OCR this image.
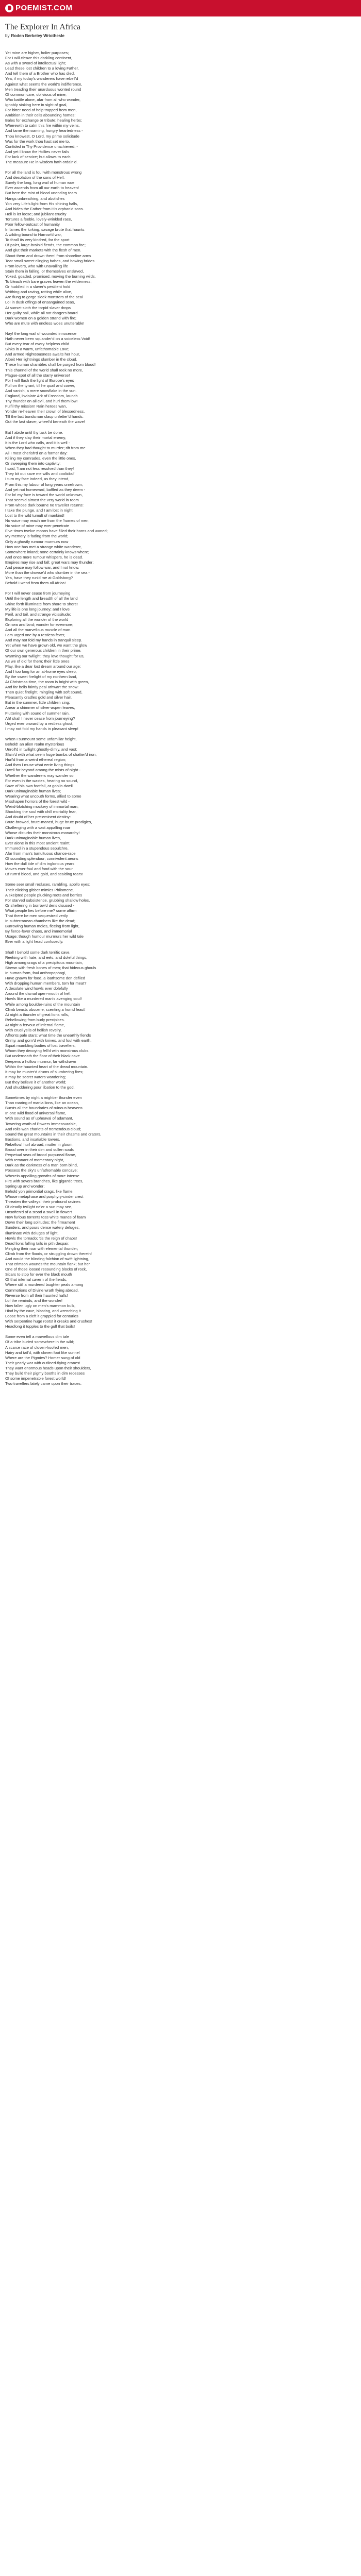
POEMIST.COM
The Explorer In Africa
by Roden Berkeley Wriothesle
Yet mine are higher, holier purposes;
For I will cleave this darkling continent,
As with a sword of intellectual light;
Lead these lost children to a loving Father,
And tell them of a Brother who has died.
Yea, if my today's wanderers have rebell'd
Against what seems the world's indifference,
Men treading their unarduous wonted round
Of common care, oblivious of mine,
Who battle alone, afar from all who wonder,
Ignobly sinking here in sight of goal,
For bitter need of help trapped from men,
Ambition in their cells abounding homes:
Bales for exchange or tribute; healing herbs;
Wherewith to calm this fire within my veins,
And tame the roaming, hungry heartedness -
Thou knowest, O Lord, my prime solicitude
Was for the work thou hast set me to,
Confided in Thy Providence unachieved; -
And yet I know the Hollies never fails
For lack of service; but allows to each
The measure He in wisdom hath ordain'd.
For all the land is foul with monstrous wrong
And desolation of the sons of Hell.
Surely the long, long wail of human woe
Ever ascends from all our earth to heaven!
But here the mist of blood unending tears
Hangs unbreathing, and abolishes
Yon very Life's light from His shining halls,
And hides the Father from His orphan'd sons.
Hell is let loose; and jubilant cruelty
Tortures a feeble, lovely-wrinkled race,
Poor fellow-outcast of humanity
Inflames the lurking, savage brute that haunts
A wilding bound to Harrow'd war,
To thrall its very kindred, for the sport
Of paler, large-brain'd fiends, the common foe;
And glut their markets with the flesh of men.
Shoot them and drown them! from shoreline arms
Tear small sweet clinging babes, and bowing brides
From lovers, who with unavailing life
Stain them in falling, or themselves enslaved,
Yoked, goaded, promised, moving the burning wilds,
To bleach with bare graves leaven the wilderness;
Or huddled in a slaver's pestilent hold
Writhing and raving, rotting while alive,
Are flung to gorge sleek monsters of the seal
Lo! in dusk offings of ensanguined seas,
At sunset sloth the torpid slaver drops
Her guilty sail, while all not dangers board
Dark women on a golden strand with fire;
Who are mute with endless woes unutterable!
Nay! the long wail of wounded innocence
Hath never been squander'd on a voiceless Void!
But every tear of every helpless child
Sinks in a warm, unfathomable Love;
And armed Righteousness awaits her hour,
Albeit Her lightnings slumber in the cloud.
These human shambles shall be purged from blood!
This channel of the world shall reek no more,
Plague-spot of all the starry universe!
For I will flash the light of Europe's eyes
Full on the tyrant, till he quail and cower,
And vanish, a mere snowflake in the sun.
England, inviolate Ark of Freedom, launch
Thy thunder on all evil, and hurl them low!
Fulfil thy mission! Rain heroes wan,
Yonder re-heaven their crown of blessedness,
Till the last bondsman clasp unfetter'd hands:
Out the last slaver, wheel'd beneath the wave!
But I abide until thy task be done.
And if they slay their mortal enemy,
It is the Lord who calls, and it is well -
When they had thought to murder; rift from me
All I most cherish'd on a former day:
Killing my comrades, even the little ones,
Or sweeping them into captivity;
I said, 'I am not less resolved than they!
They bit out save me wills and coolicks!'
I turn my face indeed, as they intend,
From this my labour of long years unrefrown;
And yet not homeward, baffled as they deem -
For lo! my face is toward the world unknown,
That seem'd almost the very world in room
From whose dark bourne no traveller returns:
I take the plunge, and I am lost in night!
Lost to the wild tumult of mankind!
No voice may reach me from the 'homes of men;
No voice of mine may ever penetrate
Five times twelve moons have filled their horns and waned;
My memory is fading from the world;
Only a ghostly rumour murmurs now
How one has met a strange white wanderer,
Somewhere inland; none certainly knows where;
And once more rumour whispers, he is dead.
Empires may rise and fall; great wars may thunder;
And peace may follow war, and I not know.
More than the drowse'd who slumber in the sea -
Yea, have they run'd me at Goldsborg?
Behold I wend from them all Africa!
For I will never cease from journeying
Until the length and breadth of all the land
Shine forth illuminate from shore to shore!
My life is one long journey; and I love
Peril, and toil, and strange vicissitude;
Exploring all the wonder of the world
On sea and land; wonder for evermore;
And all the marvellous muscle of man.
I am urged one by a restless fever,
And may not fold my hands in tranquil sleep.
Yet when we have grown old, we want the glow
Of our own generous children in their prime,
Warming our twilight; they love thought for us,
As we of old for them; their little ones
Play, like a dear lost dream around our age;
And I too long for an at-home eyes sleep,
By the sweet firelight of my northern land,
At Christmas-time, the room is bright with green,
And far bells faintly peal athwart the snow:
Then quiet firelight, mingling with soft sound,
Pleasantly cradles gold and silver hair.
But in the summer, little children sing:
Anear a shimmer of silver-aspen leaves,
Fluttering with sound of summer rain.
Ah! shall I never cease from journeying?
Urged ever onward by a restless ghost,
I may not fold my hands in pleasant sleep!
When I surmount some unfamiliar height,
Behold! an alien realm mysterious
Unroll'd in twilight ghostly-dimly, and vast;
Slain'd with what seem huge bombs of shatter'd iron;
Hurl'd from a weird ethereal region;
And then I muse what eerie living things
Dwell far beyond among the mists of night -
Whether the wanderers may wander so
For even in the wastes, hearing no sound,
Save of his own footfall, or goblin dwell
Dark unimaginable human lives;
Wearing what uncouth forms, allied to some
Misshapen horrors of the forest wild -
Weird-blotching mockery of immortal man;
Shocking the soul with chill mortality fear,
And doubt of her pre-eminent destiny:
Brute-browed, brute-maned, huge brute prodigies,
Challenging with a vast appalling roar
Whose disturbs their monstrous monarchy!
Dark unimaginable human lives,
Ever alone in this most ancient realm;
Immured in a stupendous sepulchre,
Afar from man's tumultuous chance-race
Of sounding splendour; connivolent aeons
How the dull tide of dim inglorious years
Moves ever-foul and fond with the sour
Of rum'd blood, and gold, and scalding tears!
Some seer small recluses, rambling, apollo eyes;
Their clicking gibber mimics Philomene.
A skelpted people plucking roots and berries
For starved subsistence, grubbing shallow holes,
Or sheltering in borrow'd dens disused -
What people lies before me? some affirm
That there be men sequestred verily
In subterranean chambers like the dead;
Burrowing human moles, fleeing from light,
By fierce-fever chaos, and immemorial
Usage; though humour murmurs her wild tale
Ever with a light head confusedly.
Shall I behold some dark terrific cave,
Reeking with hate, and eels, and doleful things,
High among crags of a precipitous mountain,
Strewn with fresh bones of men; that hideous ghouls
In human form, foul anthropophagi,
Have gnawn for food, a loathsome den defiled
With dropping human members, torn for meat?
A desolate wind howls ever dolefully
Around the dismal open-mouth of hell.
Howls like a murdered man's avenging soul!
While among boulder-ruins of the mountain
Climb beasts obscene, scenting a horrid feast!
At night a thunder of great lions rolls,
Rebellowing from burly precipices.
At night a fervour of infernal flame,
With cruel yells of hellish revelry,
Affronts pale stars: what time the unearthly fiends
Grimy, and gorn'd with knives, and foul with earth,
Squat mumbling bodies of lost travellers,
Whom they decoying fell'd with monstrous clubs.
But underneath the floor of their black cave
Deepens a hollow murmur, far withdrawn
Within the haunted heart of the dread mountain.
It may be muster'd drums of slumbering fires;
It may be secret waters wandering;
But they believe it of another world;
And shuddering pour libation to the god.
Sometimes by night a mightier thunder even
Than roaring of mania lions, like an ocean,
Bursts all the boundaries of ruinous heavens
In one wild flood of universal flame,
With sound as of upheaval of adamant,
Towering wrath of Powers immeasurable,
And rolls wan chariots of tremendous cloud;
Sound the great mountains in their chasms and craters,
Bastions, and insatiable towers,
Rebellow! hurl abroad, mutter in gloom;
Brood over in their dim and sullen souls
Perpetual seas of brood purpureal flame,
With remnant of momentary night,
Dark as the darkness of a man born blind,
Possess the sky's unfathomable concave;
Wherein appalling growths of more intense
Fire with severs branches, like gigantic trees,
Spring up and wonder;
Behold yon primordial crags, like flame,
Whose metaphase and porphyry-cinder crest
Threaten the valleys! their profound ravines
Of deadly twilight ne'er a sun may see,
Unsoften'd of a stood a swell in flower!
Now furious torrents toss white manes of foam
Down their long solitudes; the firmament
Sunders, and pours dense watery deluges,
Illuminate with deluges of light,
Howls the tornado; 'tis the reign of chaos!
Dead lions falling tails in pith despair,
Mingling their roar with elemental thunder;
Climb from the floods, or struggling drown therein!
And would the blinding falchion of swift lightning,
That crimson wounds the mountain flank; but her
One of those loosed resounding blocks of rock,
Sicars to stop for ever the black mouth
Of that infernal cavern of the fiends,
Where still a murdered laughter peals among
Commotions of Divine wrath flying abroad,
Reverse from all their haunted halls!
Lo! the reminds, and the wonder!
Now fallen ugly on men's mammon bulk,
Hind by the cave, blasting, and wrenching it
Loose from a cleft it grappled for centuries
With serpentine huge roots! it creaks and crushes!
Headlong it topples to the gulf that boils!
Some even tell a marvellous dim tale
Of a tribe buried somewhere in the wild;
A scarce race of cloven-hoofed men,
Hairy and tail'd, with cloven foot like sunnel
Where are the Pigmies? Homer sung of old
Their yearly war with outlined-flying cranes!
They want enormous heads upon their shoulders,
They build their pigmy booths in dim recesses
Of some impenetrable forest world!
Two travellers lately came upon their traces.
